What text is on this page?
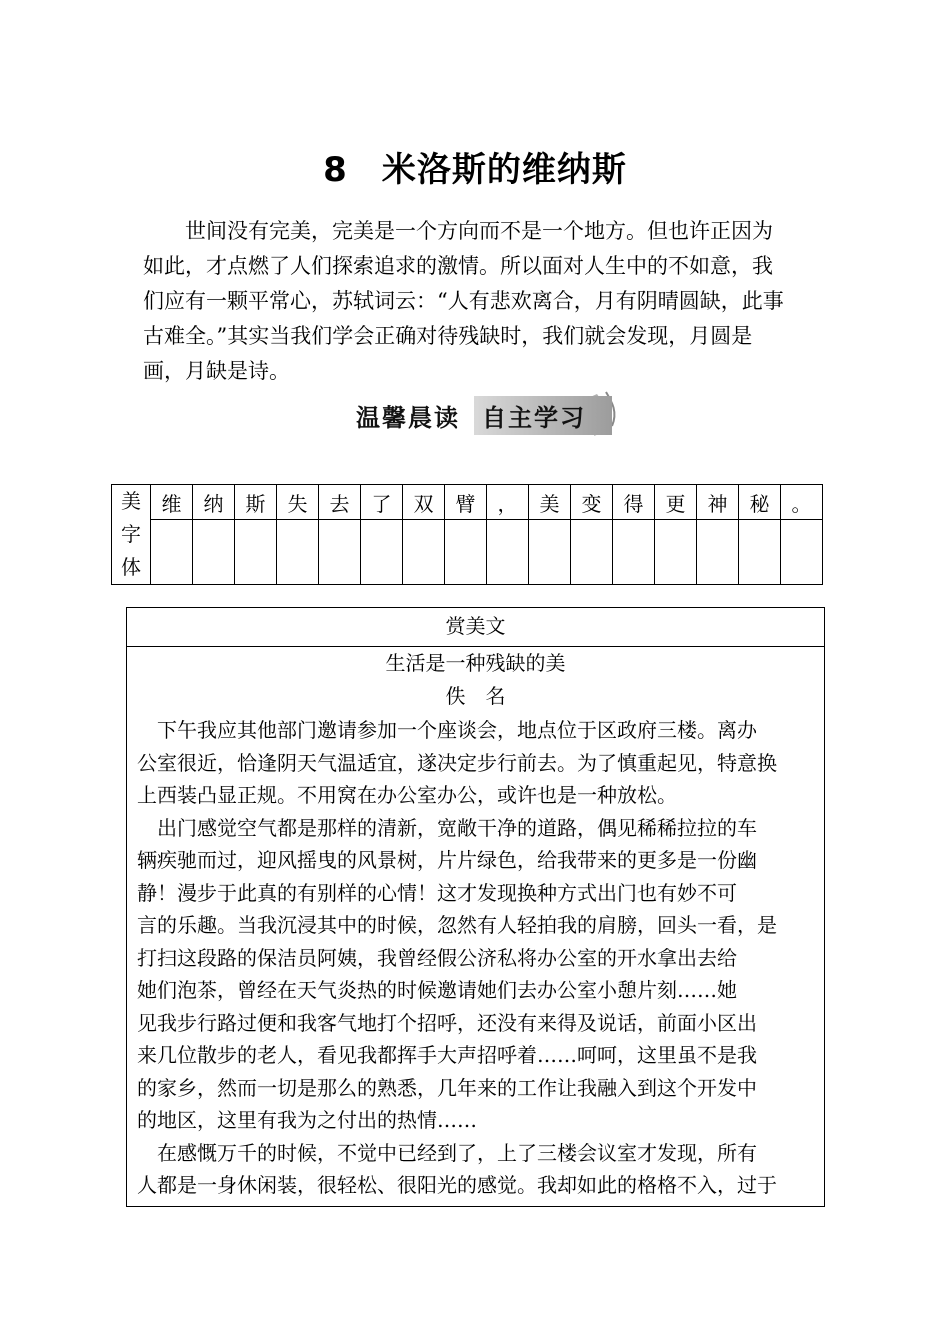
8 米洛斯的维纳斯

世间没有完美，完美是一个方向而不是一个地方。但也许正因为
如此，才点燃了人们探索追求的激情。所以面对人生中的不如意，我
们应有一颗平常心，苏轼词云：“人有悲欢离合，月有阴晴圆缺，此事
古难全。”其实当我们学会正确对待残缺时，我们就会发现，月圆是
画，月缺是诗。

温馨晨读 自主学习
美字体	维	纳	斯	失	去	了	双	臂	，	美	变	得	更	神	秘	。

赏美文
生活是一种残缺的美
佚　名
　下午我应其他部门邀请参加一个座谈会，地点位于区政府三楼。离办
公室很近，恰逢阴天气温适宜，遂决定步行前去。为了慎重起见，特意换
上西装凸显正规。不用窝在办公室办公，或许也是一种放松。
　出门感觉空气都是那样的清新，宽敞干净的道路，偶见稀稀拉拉的车
辆疾驰而过，迎风摇曳的风景树，片片绿色，给我带来的更多是一份幽
静！漫步于此真的有别样的心情！这才发现换种方式出门也有妙不可
言的乐趣。当我沉浸其中的时候，忽然有人轻拍我的肩膀，回头一看，是
打扫这段路的保洁员阿姨，我曾经假公济私将办公室的开水拿出去给
她们泡茶，曾经在天气炎热的时候邀请她们去办公室小憩片刻……她
见我步行路过便和我客气地打个招呼，还没有来得及说话，前面小区出
来几位散步的老人，看见我都挥手大声招呼着……呵呵，这里虽不是我
的家乡，然而一切是那么的熟悉，几年来的工作让我融入到这个开发中
的地区，这里有我为之付出的热情……
　在感慨万千的时候，不觉中已经到了，上了三楼会议室才发现，所有
人都是一身休闲装，很轻松、很阳光的感觉。我却如此的格格不入，过于
